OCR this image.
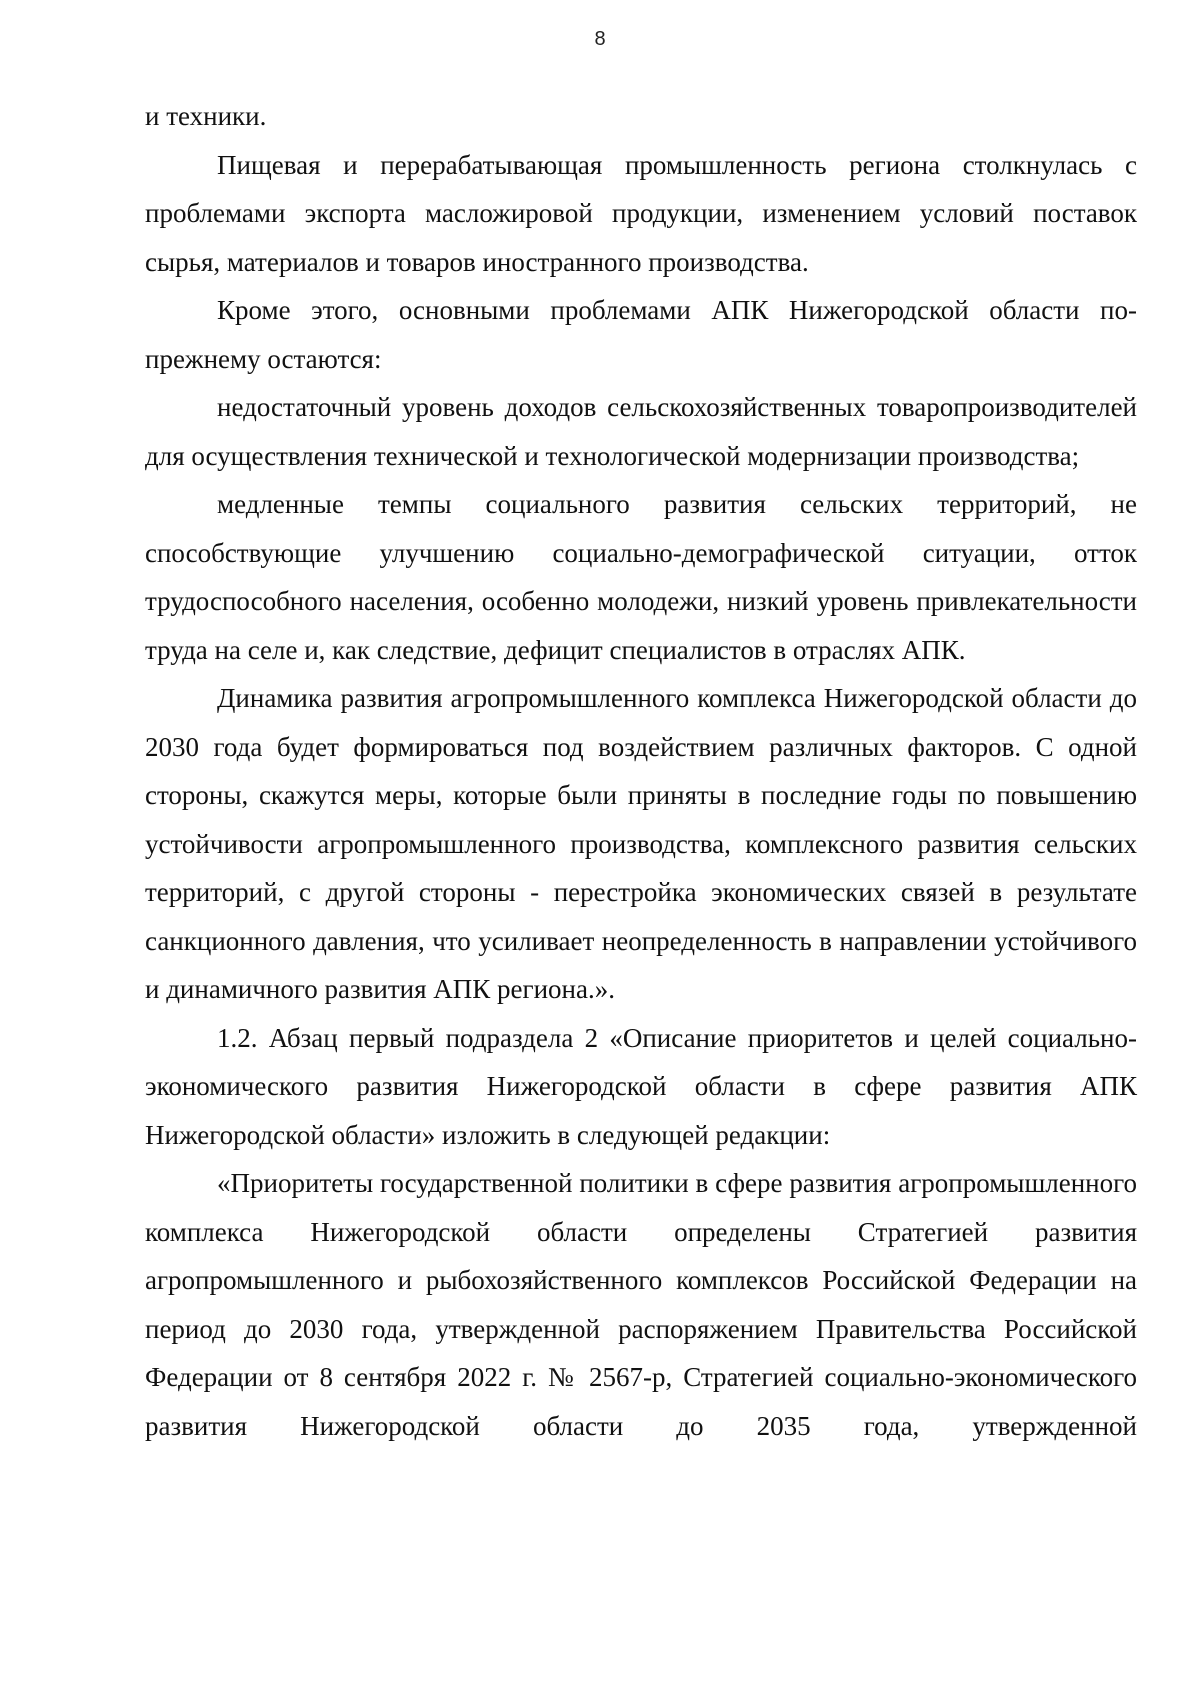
8

и техники.

Пищевая и перерабатывающая промышленность региона столкнулась с проблемами экспорта масложировой продукции, изменением условий поставок сырья, материалов и товаров иностранного производства.

Кроме этого, основными проблемами АПК Нижегородской области по-прежнему остаются:

недостаточный уровень доходов сельскохозяйственных товаропроизводителей для осуществления технической и технологической модернизации производства;

медленные темпы социального развития сельских территорий, не способствующие улучшению социально-демографической ситуации, отток трудоспособного населения, особенно молодежи, низкий уровень привлекательности труда на селе и, как следствие, дефицит специалистов в отраслях АПК.

Динамика развития агропромышленного комплекса Нижегородской области до 2030 года будет формироваться под воздействием различных факторов. С одной стороны, скажутся меры, которые были приняты в последние годы по повышению устойчивости агропромышленного производства, комплексного развития сельских территорий, с другой стороны - перестройка экономических связей в результате санкционного давления, что усиливает неопределенность в направлении устойчивого и динамичного развития АПК региона.».

1.2. Абзац первый подраздела 2 «Описание приоритетов и целей социально-экономического развития Нижегородской области в сфере развития АПК Нижегородской области» изложить в следующей редакции:

«Приоритеты государственной политики в сфере развития агропромышленного комплекса Нижегородской области определены Стратегией развития агропромышленного и рыбохозяйственного комплексов Российской Федерации на период до 2030 года, утвержденной распоряжением Правительства Российской Федерации от 8 сентября 2022 г. № 2567-р, Стратегией социально-экономического развития Нижегородской области до 2035 года, утвержденной
